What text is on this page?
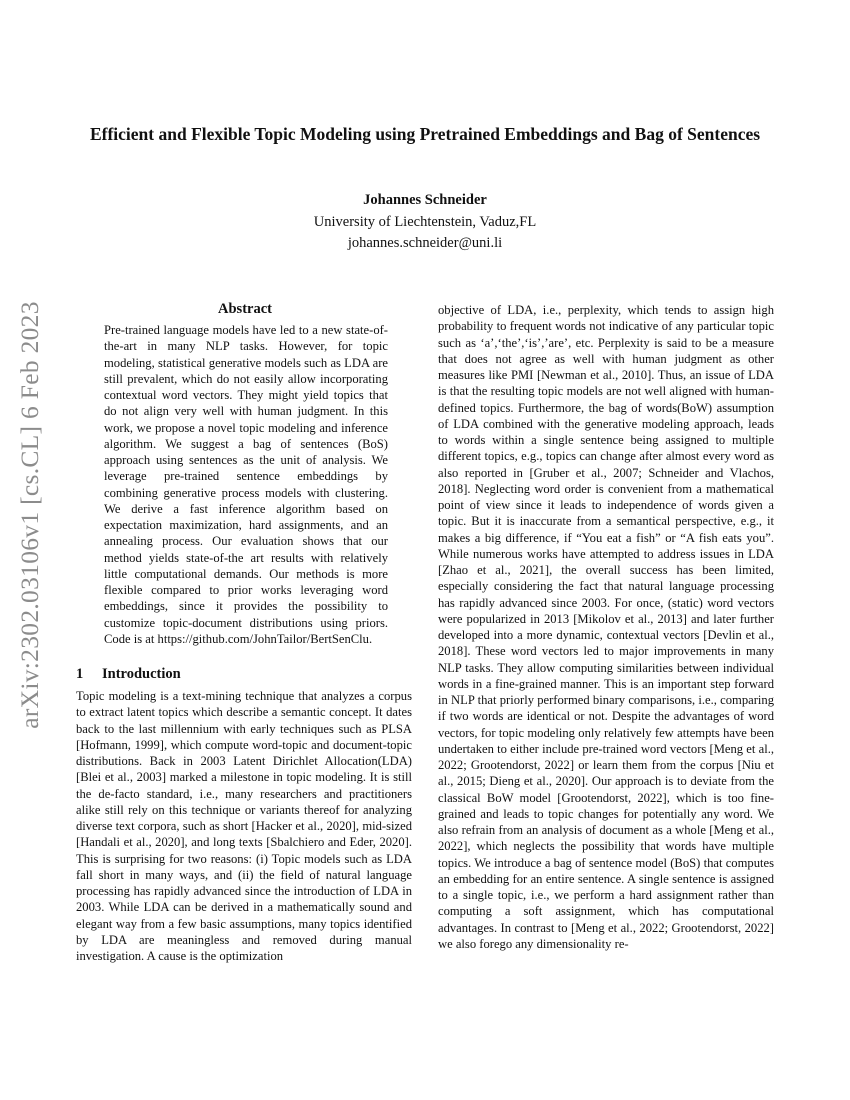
arXiv:2302.03106v1 [cs.CL] 6 Feb 2023
Efficient and Flexible Topic Modeling using Pretrained Embeddings and Bag of Sentences
Johannes Schneider
University of Liechtenstein, Vaduz,FL
johannes.schneider@uni.li
Abstract

Pre-trained language models have led to a new state-of-the-art in many NLP tasks. However, for topic modeling, statistical generative models such as LDA are still prevalent, which do not easily allow incorporating contextual word vectors. They might yield topics that do not align very well with human judgment. In this work, we propose a novel topic modeling and inference algorithm. We suggest a bag of sentences (BoS) approach using sentences as the unit of analysis. We leverage pre-trained sentence embeddings by combining generative process models with clustering. We derive a fast inference algorithm based on expectation maximization, hard assignments, and an annealing process. Our evaluation shows that our method yields state-of-the art results with relatively little computational demands. Our methods is more flexible compared to prior works leveraging word embeddings, since it provides the possibility to customize topic-document distributions using priors. Code is at https://github.com/JohnTailor/BertSenClu.

1 Introduction

Topic modeling is a text-mining technique that analyzes a corpus to extract latent topics which describe a semantic concept. It dates back to the last millennium with early techniques such as PLSA [Hofmann, 1999], which compute word-topic and document-topic distributions. Back in 2003 Latent Dirichlet Allocation(LDA) [Blei et al., 2003] marked a milestone in topic modeling. It is still the de-facto standard, i.e., many researchers and practitioners alike still rely on this technique or variants thereof for analyzing diverse text corpora, such as short [Hacker et al., 2020], mid-sized [Handali et al., 2020], and long texts [Sbalchiero and Eder, 2020]. This is surprising for two reasons: (i) Topic models such as LDA fall short in many ways, and (ii) the field of natural language processing has rapidly advanced since the introduction of LDA in 2003. While LDA can be derived in a mathematically sound and elegant way from a few basic assumptions, many topics identified by LDA are meaningless and removed during manual investigation. A cause is the optimization

objective of LDA, i.e., perplexity, which tends to assign high probability to frequent words not indicative of any particular topic such as ‘a’,‘the’,‘is’,’are’, etc. Perplexity is said to be a measure that does not agree as well with human judgment as other measures like PMI [Newman et al., 2010]. Thus, an issue of LDA is that the resulting topic models are not well aligned with human-defined topics. Furthermore, the bag of words(BoW) assumption of LDA combined with the generative modeling approach, leads to words within a single sentence being assigned to multiple different topics, e.g., topics can change after almost every word as also reported in [Gruber et al., 2007; Schneider and Vlachos, 2018]. Neglecting word order is convenient from a mathematical point of view since it leads to independence of words given a topic. But it is inaccurate from a semantical perspective, e.g., it makes a big difference, if “You eat a fish” or “A fish eats you”. While numerous works have attempted to address issues in LDA [Zhao et al., 2021], the overall success has been limited, especially considering the fact that natural language processing has rapidly advanced since 2003. For once, (static) word vectors were popularized in 2013 [Mikolov et al., 2013] and later further developed into a more dynamic, contextual vectors [Devlin et al., 2018]. These word vectors led to major improvements in many NLP tasks. They allow computing similarities between individual words in a fine-grained manner. This is an important step forward in NLP that priorly performed binary comparisons, i.e., comparing if two words are identical or not. Despite the advantages of word vectors, for topic modeling only relatively few attempts have been undertaken to either include pre-trained word vectors [Meng et al., 2022; Grootendorst, 2022] or learn them from the corpus [Niu et al., 2015; Dieng et al., 2020]. Our approach is to deviate from the classical BoW model [Grootendorst, 2022], which is too fine-grained and leads to topic changes for potentially any word. We also refrain from an analysis of document as a whole [Meng et al., 2022], which neglects the possibility that words have multiple topics. We introduce a bag of sentence model (BoS) that computes an embedding for an entire sentence. A single sentence is assigned to a single topic, i.e., we perform a hard assignment rather than computing a soft assignment, which has computational advantages. In contrast to [Meng et al., 2022; Grootendorst, 2022] we also forego any dimensionality re-
